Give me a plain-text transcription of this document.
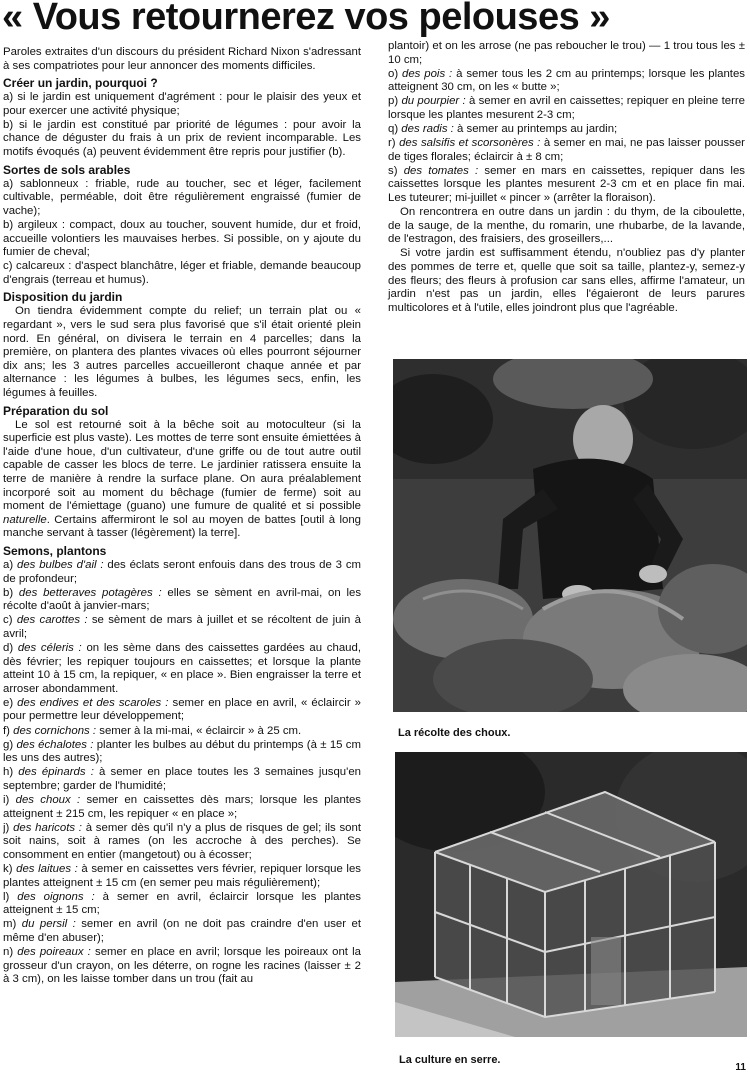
« Vous retournerez vos pelouses »

Paroles extraites d'un discours du président Richard Nixon s'adressant à ses compatriotes pour leur annoncer des moments difficiles.

Créer un jardin, pourquoi ?

a) si le jardin est uniquement d'agrément : pour le plaisir des yeux et pour exercer une activité physique;

b) si le jardin est constitué par priorité de légumes : pour avoir la chance de déguster du frais à un prix de revient incomparable. Les motifs évoqués (a) peuvent évidemment être repris pour justifier (b).

Sortes de sols arables

a) sablonneux : friable, rude au toucher, sec et léger, facilement cultivable, perméable, doit être régulièrement engraissé (fumier de vache);

b) argileux : compact, doux au toucher, souvent humide, dur et froid, accueille volontiers les mauvaises herbes. Si possible, on y ajoute du fumier de cheval;

c) calcareux : d'aspect blanchâtre, léger et friable, demande beaucoup d'engrais (terreau et humus).

Disposition du jardin

On tiendra évidemment compte du relief; un terrain plat ou « regardant », vers le sud sera plus favorisé que s'il était orienté plein nord. En général, on divisera le terrain en 4 parcelles; dans la première, on plantera des plantes vivaces où elles pourront séjourner dix ans; les 3 autres parcelles accueilleront chaque année et par alternance : les légumes à bulbes, les légumes secs, enfin, les légumes à feuilles.

Préparation du sol

Le sol est retourné soit à la bêche soit au motoculteur (si la superficie est plus vaste). Les mottes de terre sont ensuite émiettées à l'aide d'une houe, d'un cultivateur, d'une griffe ou de tout autre outil capable de casser les blocs de terre. Le jardinier ratissera ensuite la terre de manière à rendre la surface plane. On aura préalablement incorporé soit au moment du bêchage (fumier de ferme) soit au moment de l'émiettage (guano) une fumure de qualité et si possible naturelle. Certains affermiront le sol au moyen de battes [outil à long manche servant à tasser (légèrement) la terre].

Semons, plantons

a) des bulbes d'ail : des éclats seront enfouis dans des trous de 3 cm de profondeur;

b) des betteraves potagères : elles se sèment en avril-mai, on les récolte d'août à janvier-mars;

c) des carottes : se sèment de mars à juillet et se récoltent de juin à avril;

d) des céleris : on les sème dans des caissettes gardées au chaud, dès février; les repiquer toujours en caissettes; et lorsque la plante atteint 10 à 15 cm, la repiquer, « en place ». Bien engraisser la terre et arroser abondamment.

e) des endives et des scaroles : semer en place en avril, « éclaircir » pour permettre leur développement;

f) des cornichons : semer à la mi-mai, « éclaircir » à 25 cm.

g) des échalotes : planter les bulbes au début du printemps (à ± 15 cm les uns des autres);

h) des épinards : à semer en place toutes les 3 semaines jusqu'en septembre; garder de l'humidité;

i) des choux : semer en caissettes dès mars; lorsque les plantes atteignent ± 215 cm, les repiquer « en place »;

j) des haricots : à semer dès qu'il n'y a plus de risques de gel; ils sont soit nains, soit à rames (on les accroche à des perches). Se consomment en entier (mangetout) ou à écosser;

k) des laitues : à semer en caissettes vers février, repiquer lorsque les plantes atteignent ± 15 cm (en semer peu mais régulièrement);

l) des oignons : à semer en avril, éclaircir lorsque les plantes atteignent ± 15 cm;

m) du persil : semer en avril (on ne doit pas craindre d'en user et même d'en abuser);

n) des poireaux : semer en place en avril; lorsque les poireaux ont la grosseur d'un crayon, on les déterre, on rogne les racines (laisser ± 2 à 3 cm), on les laisse tomber dans un trou (fait au

plantoir) et on les arrose (ne pas reboucher le trou) — 1 trou tous les ± 10 cm;

o) des pois : à semer tous les 2 cm au printemps; lorsque les plantes atteignent 30 cm, on les « butte »;

p) du pourpier : à semer en avril en caissettes; repiquer en pleine terre lorsque les plantes mesurent 2-3 cm;

q) des radis : à semer au printemps au jardin;

r) des salsifis et scorsonères : à semer en mai, ne pas laisser pousser de tiges florales; éclaircir à ± 8 cm;

s) des tomates : semer en mars en caissettes, repiquer dans les caissettes lorsque les plantes mesurent 2-3 cm et en place fin mai. Les tuteurer; mi-juillet « pincer » (arrêter la floraison).

On rencontrera en outre dans un jardin : du thym, de la ciboulette, de la sauge, de la menthe, du romarin, une rhubarbe, de la lavande, de l'estragon, des fraisiers, des groseillers,...

Si votre jardin est suffisamment étendu, n'oubliez pas d'y planter des pommes de terre et, quelle que soit sa taille, plantez-y, semez-y des fleurs; des fleurs à profusion car sans elles, affirme l'amateur, un jardin n'est pas un jardin, elles l'égaieront de leurs parures multicolores et à l'utile, elles joindront plus que l'agréable.

La récolte des choux.
La culture en serre.
11
